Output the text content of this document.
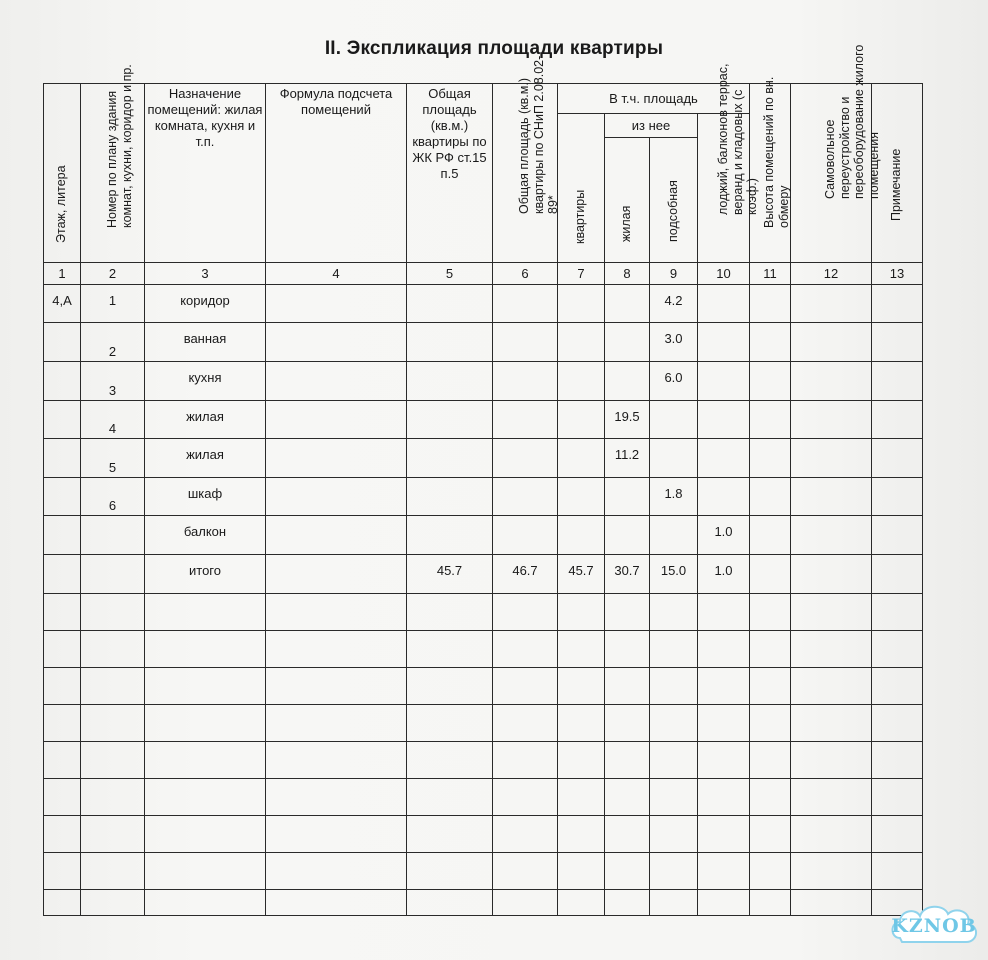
II. Экспликация площади квартиры
Этаж, литера	Номер по плану здания комнат, кухни, коридор и пр.	Назначение помещений: жилая комната, кухня и т.п.	Формула подсчета помещений	Общая площадь (кв.м.) квартиры по ЖК РФ ст.15 п.5	Общая площадь (кв.м.) квартиры по СНиП 2.08.02-89*	В т.ч. площадь				Высота помещений по вн. обмеру	Самовольное переустройство и переоборудование жилого помещения	Примечание

						квартиры	из нее		лоджий, балконов террас, веранд и кладовых (с коэф.)			

							жилая	подсобная				

1	2	3	4	5	6	7	8	9	10	11	12	13
4,А	1	коридор						4.2				
	2	ванная						3.0				
	3	кухня						6.0				
	4	жилая					19.5					
	5	жилая					11.2					
	6	шкаф						1.8				
		балкон							1.0			
		итого		45.7	46.7	45.7	30.7	15.0	1.0			

KZNOB
